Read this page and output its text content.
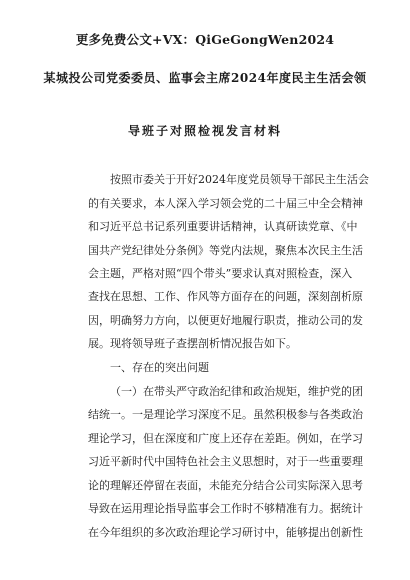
更多免费公文+VX：QiGeGongWen2024
某城投公司党委委员、监事会主席2024年度民主生活会领
导班子对照检视发言材料
按照市委关于开好2024年度党员领导干部民主生活会
的有关要求，本人深入学习领会党的二十届三中全会精神
和习近平总书记系列重要讲话精神，认真研读党章、《中
国共产党纪律处分条例》等党内法规，聚焦本次民主生活
会主题，严格对照“四个带头”要求认真对照检查，深入
查找在思想、工作、作风等方面存在的问题，深刻剖析原
因，明确努力方向，以便更好地履行职责，推动公司的发
展。现将领导班子查摆剖析情况报告如下。
一、存在的突出问题
（一）在带头严守政治纪律和政治规矩，维护党的团
结统一。一是理论学习深度不足。虽然积极参与各类政治
理论学习，但在深度和广度上还存在差距。例如，在学习
习近平新时代中国特色社会主义思想时，对于一些重要理
论的理解还停留在表面，未能充分结合公司实际深入思考
导致在运用理论指导监事会工作时不够精准有力。据统计
在今年组织的多次政治理论学习研讨中，能够提出创新性
